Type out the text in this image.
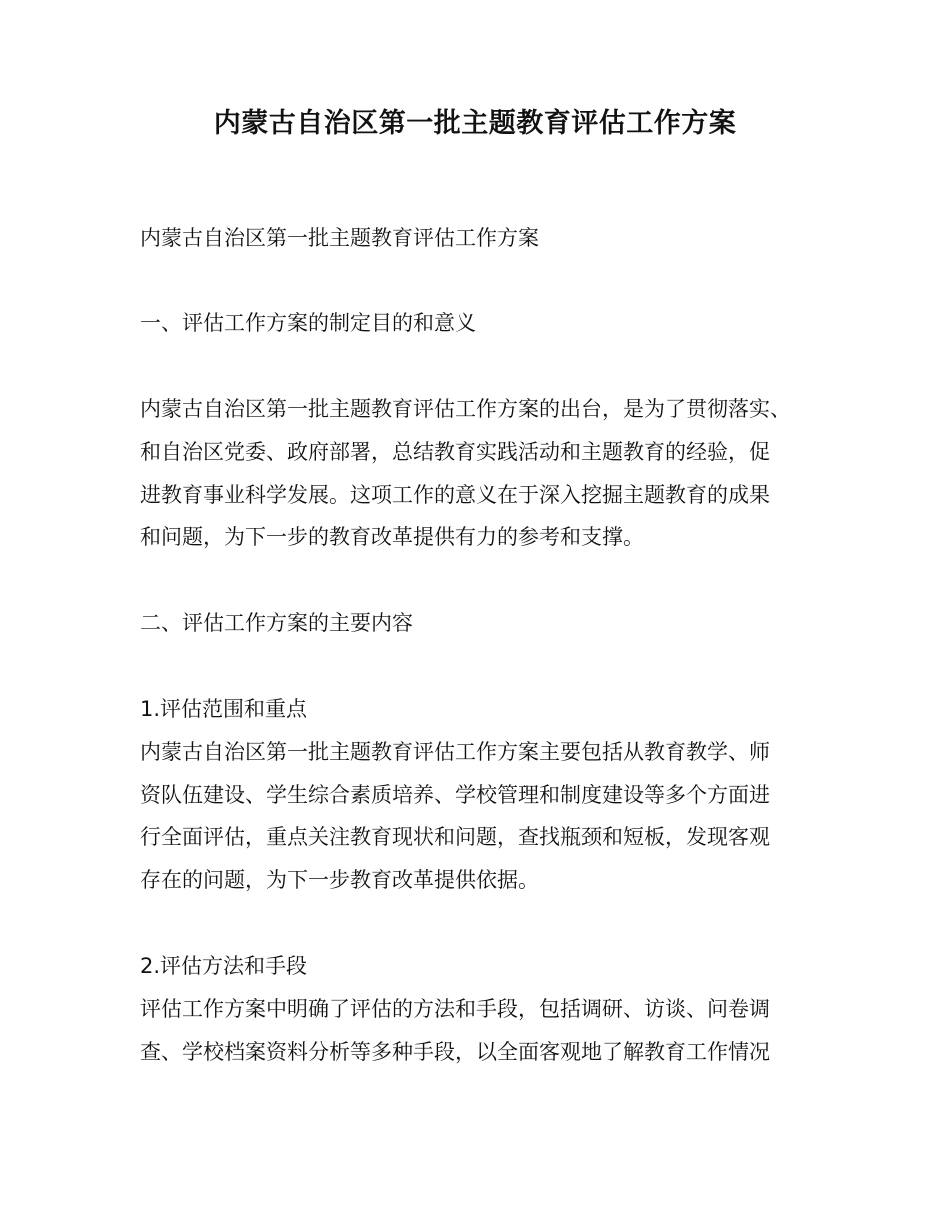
内蒙古自治区第一批主题教育评估工作方案

内蒙古自治区第一批主题教育评估工作方案

一、评估工作方案的制定目的和意义

内蒙古自治区第一批主题教育评估工作方案的出台，是为了贯彻落实、

和自治区党委、政府部署，总结教育实践活动和主题教育的经验，促

进教育事业科学发展。这项工作的意义在于深入挖掘主题教育的成果

和问题，为下一步的教育改革提供有力的参考和支撑。

二、评估工作方案的主要内容

1.评估范围和重点

内蒙古自治区第一批主题教育评估工作方案主要包括从教育教学、师

资队伍建设、学生综合素质培养、学校管理和制度建设等多个方面进

行全面评估，重点关注教育现状和问题，查找瓶颈和短板，发现客观

存在的问题，为下一步教育改革提供依据。

2.评估方法和手段

评估工作方案中明确了评估的方法和手段，包括调研、访谈、问卷调

查、学校档案资料分析等多种手段，以全面客观地了解教育工作情况
